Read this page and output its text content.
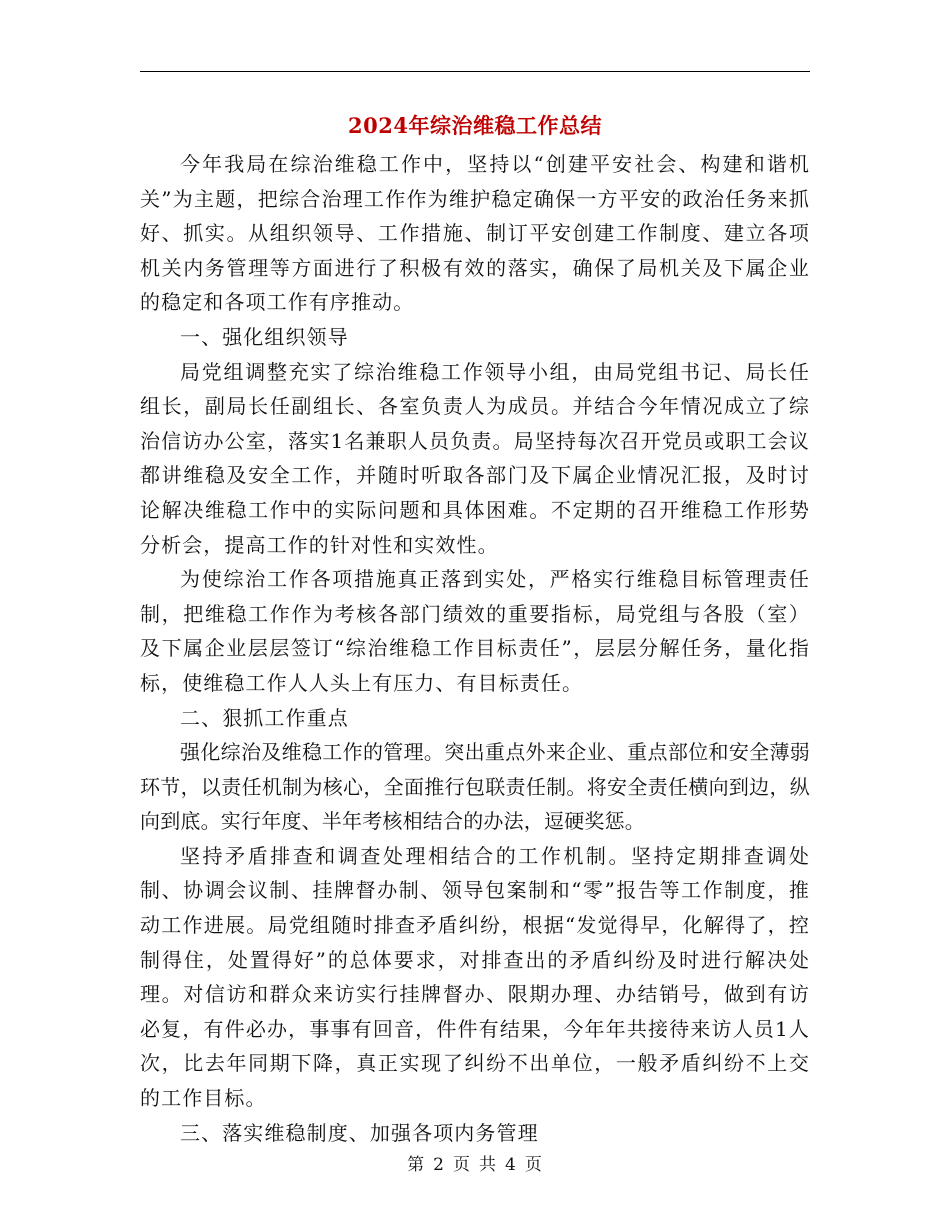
2024年综治维稳工作总结

今年我局在综治维稳工作中，坚持以“创建平安社会、构建和谐机关”为主题，把综合治理工作作为维护稳定确保一方平安的政治任务来抓好、抓实。从组织领导、工作措施、制订平安创建工作制度、建立各项机关内务管理等方面进行了积极有效的落实，确保了局机关及下属企业的稳定和各项工作有序推动。

一、强化组织领导

局党组调整充实了综治维稳工作领导小组，由局党组书记、局长任组长，副局长任副组长、各室负责人为成员。并结合今年情况成立了综治信访办公室，落实1名兼职人员负责。局坚持每次召开党员或职工会议都讲维稳及安全工作，并随时听取各部门及下属企业情况汇报，及时讨论解决维稳工作中的实际问题和具体困难。不定期的召开维稳工作形势分析会，提高工作的针对性和实效性。

为使综治工作各项措施真正落到实处，严格实行维稳目标管理责任制，把维稳工作作为考核各部门绩效的重要指标，局党组与各股（室）及下属企业层层签订“综治维稳工作目标责任”，层层分解任务，量化指标，使维稳工作人人头上有压力、有目标责任。

二、狠抓工作重点

强化综治及维稳工作的管理。突出重点外来企业、重点部位和安全薄弱环节，以责任机制为核心，全面推行包联责任制。将安全责任横向到边，纵向到底。实行年度、半年考核相结合的办法，逗硬奖惩。

坚持矛盾排查和调查处理相结合的工作机制。坚持定期排查调处制、协调会议制、挂牌督办制、领导包案制和“零”报告等工作制度，推动工作进展。局党组随时排查矛盾纠纷，根据“发觉得早，化解得了，控制得住，处置得好”的总体要求，对排查出的矛盾纠纷及时进行解决处理。对信访和群众来访实行挂牌督办、限期办理、办结销号，做到有访必复，有件必办，事事有回音，件件有结果，今年年共接待来访人员1人次，比去年同期下降，真正实现了纠纷不出单位，一般矛盾纠纷不上交的工作目标。

三、落实维稳制度、加强各项内务管理

第 2 页 共 4 页
